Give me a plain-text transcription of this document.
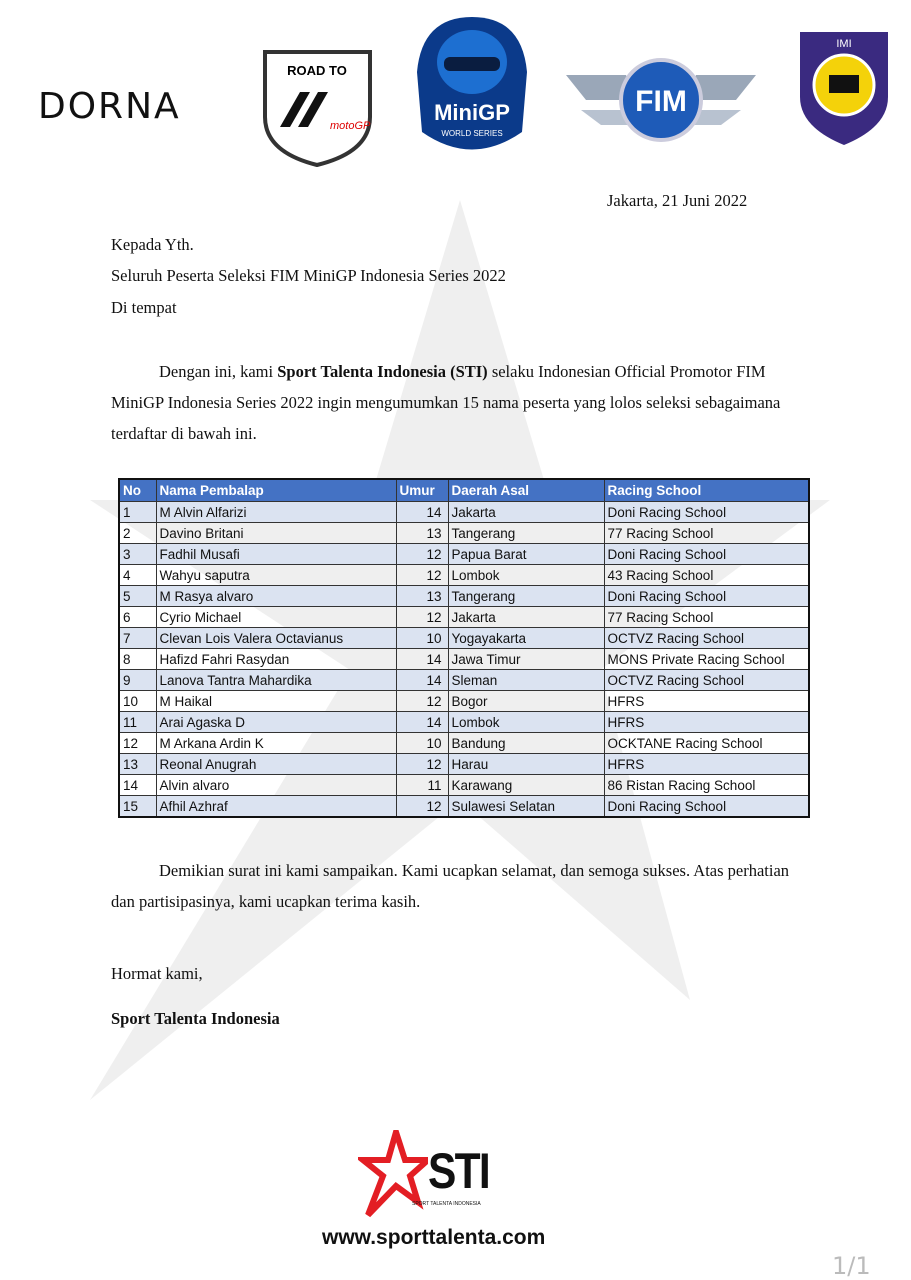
DORNA
ROAD TO
motoGP
MiniGP
WORLD SERIES
FIM
IMI
Jakarta, 21 Juni 2022
Kepada Yth.
Seluruh Peserta Seleksi FIM MiniGP Indonesia Series 2022
Di tempat
Dengan ini, kami Sport Talenta Indonesia (STI) selaku Indonesian Official Promotor FIM MiniGP Indonesia Series 2022 ingin mengumumkan 15 nama peserta yang lolos seleksi sebagaimana terdaftar di bawah ini.
No	Nama Pembalap	Umur	Daerah Asal	Racing School
1	M Alvin Alfarizi	14	Jakarta	Doni Racing School
2	Davino Britani	13	Tangerang	77 Racing School
3	Fadhil Musafi	12	Papua Barat	Doni Racing School
4	Wahyu saputra	12	Lombok	43 Racing School
5	M Rasya alvaro	13	Tangerang	Doni Racing School
6	Cyrio Michael	12	Jakarta	77 Racing School
7	Clevan Lois Valera Octavianus	10	Yogayakarta	OCTVZ Racing School
8	Hafizd Fahri Rasydan	14	Jawa Timur	MONS Private Racing School
9	Lanova Tantra Mahardika	14	Sleman	OCTVZ Racing School
10	M Haikal	12	Bogor	HFRS
11	Arai Agaska D	14	Lombok	HFRS
12	M Arkana Ardin K	10	Bandung	OCKTANE Racing School
13	Reonal Anugrah	12	Harau	HFRS
14	Alvin alvaro	11	Karawang	86 Ristan Racing School
15	Afhil Azhraf	12	Sulawesi Selatan	Doni Racing School
Demikian surat ini kami sampaikan. Kami ucapkan selamat, dan semoga sukses. Atas perhatian dan partisipasinya, kami ucapkan terima kasih.
Hormat kami,
Sport Talenta Indonesia
STI
SPORT TALENTA INDONESIA
www.sporttalenta.com
1/1
